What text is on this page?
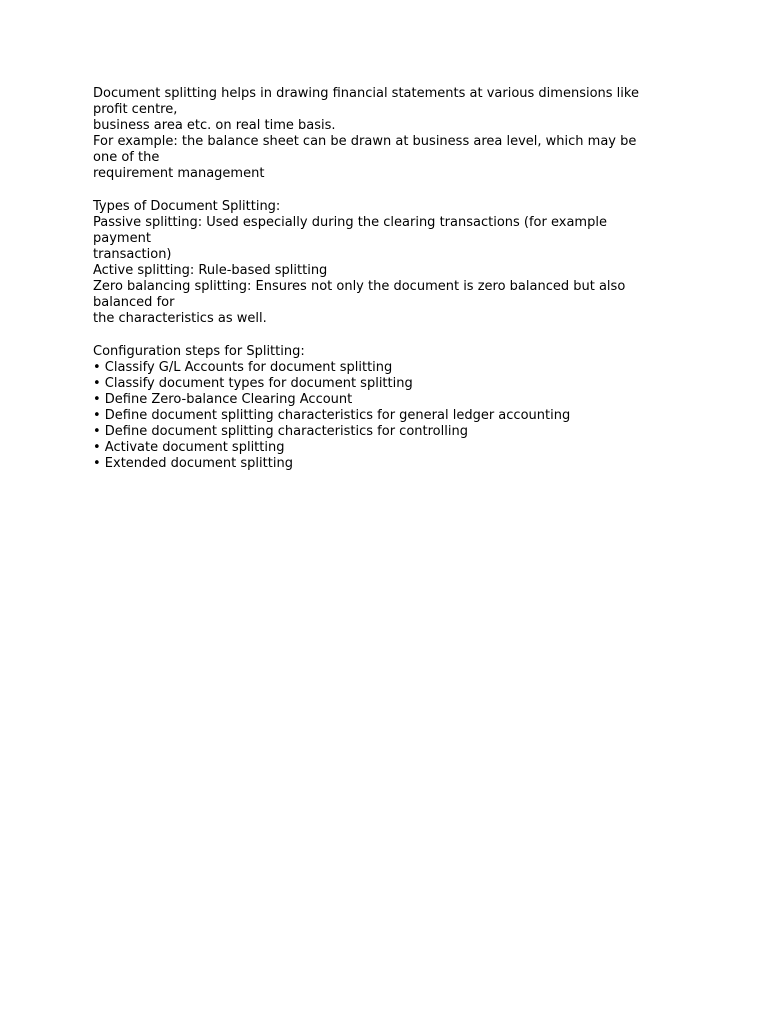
Document splitting helps in drawing financial statements at various dimensions like
profit centre,
business area etc. on real time basis.
For example: the balance sheet can be drawn at business area level, which may be
one of the
requirement management
Types of Document Splitting:
Passive splitting: Used especially during the clearing transactions (for example
payment
transaction)
Active splitting: Rule-based splitting
Zero balancing splitting: Ensures not only the document is zero balanced but also
balanced for
the characteristics as well.
Configuration steps for Splitting:
• Classify G/L Accounts for document splitting
• Classify document types for document splitting
• Define Zero-balance Clearing Account
• Define document splitting characteristics for general ledger accounting
• Define document splitting characteristics for controlling
• Activate document splitting
• Extended document splitting
